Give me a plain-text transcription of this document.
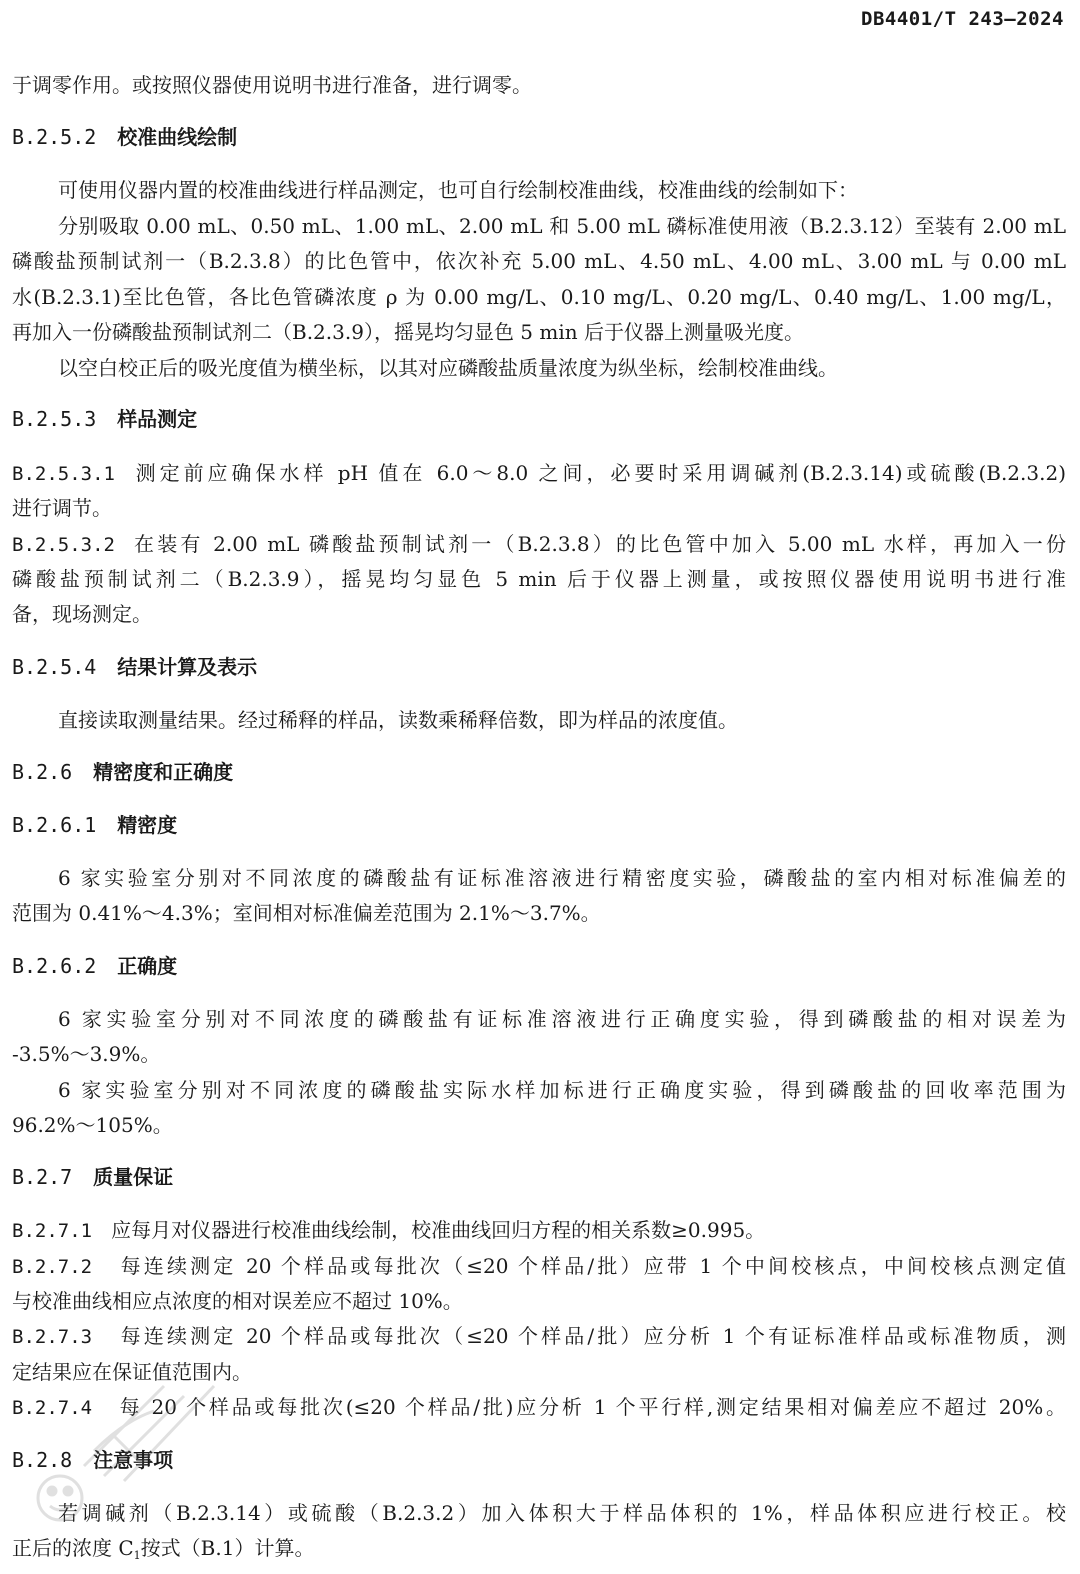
DB4401/T 243—2024
于调零作用。或按照仪器使用说明书进行准备，进行调零。
B.2.5.2 校准曲线绘制
可使用仪器内置的校准曲线进行样品测定，也可自行绘制校准曲线，校准曲线的绘制如下：
分别吸取 0.00 mL、0.50 mL、1.00 mL、2.00 mL 和 5.00 mL 磷标准使用液（B.2.3.12）至装有 2.00 mL
磷酸盐预制试剂一（B.2.3.8）的比色管中，依次补充 5.00 mL、4.50 mL、4.00 mL、3.00 mL 与 0.00 mL
水(B.2.3.1)至比色管，各比色管磷浓度 ρ 为 0.00 mg/L、0.10 mg/L、0.20 mg/L、0.40 mg/L、1.00 mg/L，
再加入一份磷酸盐预制试剂二（B.2.3.9），摇晃均匀显色 5 min 后于仪器上测量吸光度。
以空白校正后的吸光度值为横坐标，以其对应磷酸盐质量浓度为纵坐标，绘制校准曲线。
B.2.5.3 样品测定
B.2.5.3.1 测定前应确保水样 pH 值在 6.0～8.0 之间，必要时采用调碱剂(B.2.3.14)或硫酸(B.2.3.2)
进行调节。
B.2.5.3.2 在装有 2.00 mL 磷酸盐预制试剂一（B.2.3.8）的比色管中加入 5.00 mL 水样，再加入一份
磷酸盐预制试剂二（B.2.3.9），摇晃均匀显色 5 min 后于仪器上测量，或按照仪器使用说明书进行准
备，现场测定。
B.2.5.4 结果计算及表示
直接读取测量结果。经过稀释的样品，读数乘稀释倍数，即为样品的浓度值。
B.2.6 精密度和正确度
B.2.6.1 精密度
6 家实验室分别对不同浓度的磷酸盐有证标准溶液进行精密度实验，磷酸盐的室内相对标准偏差的
范围为 0.41%～4.3%；室间相对标准偏差范围为 2.1%～3.7%。
B.2.6.2 正确度
6 家实验室分别对不同浓度的磷酸盐有证标准溶液进行正确度实验，得到磷酸盐的相对误差为
-3.5%～3.9%。
6 家实验室分别对不同浓度的磷酸盐实际水样加标进行正确度实验，得到磷酸盐的回收率范围为
96.2%～105%。
B.2.7 质量保证
B.2.7.1 应每月对仪器进行校准曲线绘制，校准曲线回归方程的相关系数≥0.995。
B.2.7.2 每连续测定 20 个样品或每批次（≤20 个样品/批）应带 1 个中间校核点，中间校核点测定值
与校准曲线相应点浓度的相对误差应不超过 10%。
B.2.7.3 每连续测定 20 个样品或每批次（≤20 个样品/批）应分析 1 个有证标准样品或标准物质，测
定结果应在保证值范围内。
B.2.7.4 每 20 个样品或每批次(≤20 个样品/批)应分析 1 个平行样,测定结果相对偏差应不超过 20%。
B.2.8 注意事项
若调碱剂（B.2.3.14）或硫酸（B.2.3.2）加入体积大于样品体积的 1%，样品体积应进行校正。校
正后的浓度 $C_1$按式（B.1）计算。
